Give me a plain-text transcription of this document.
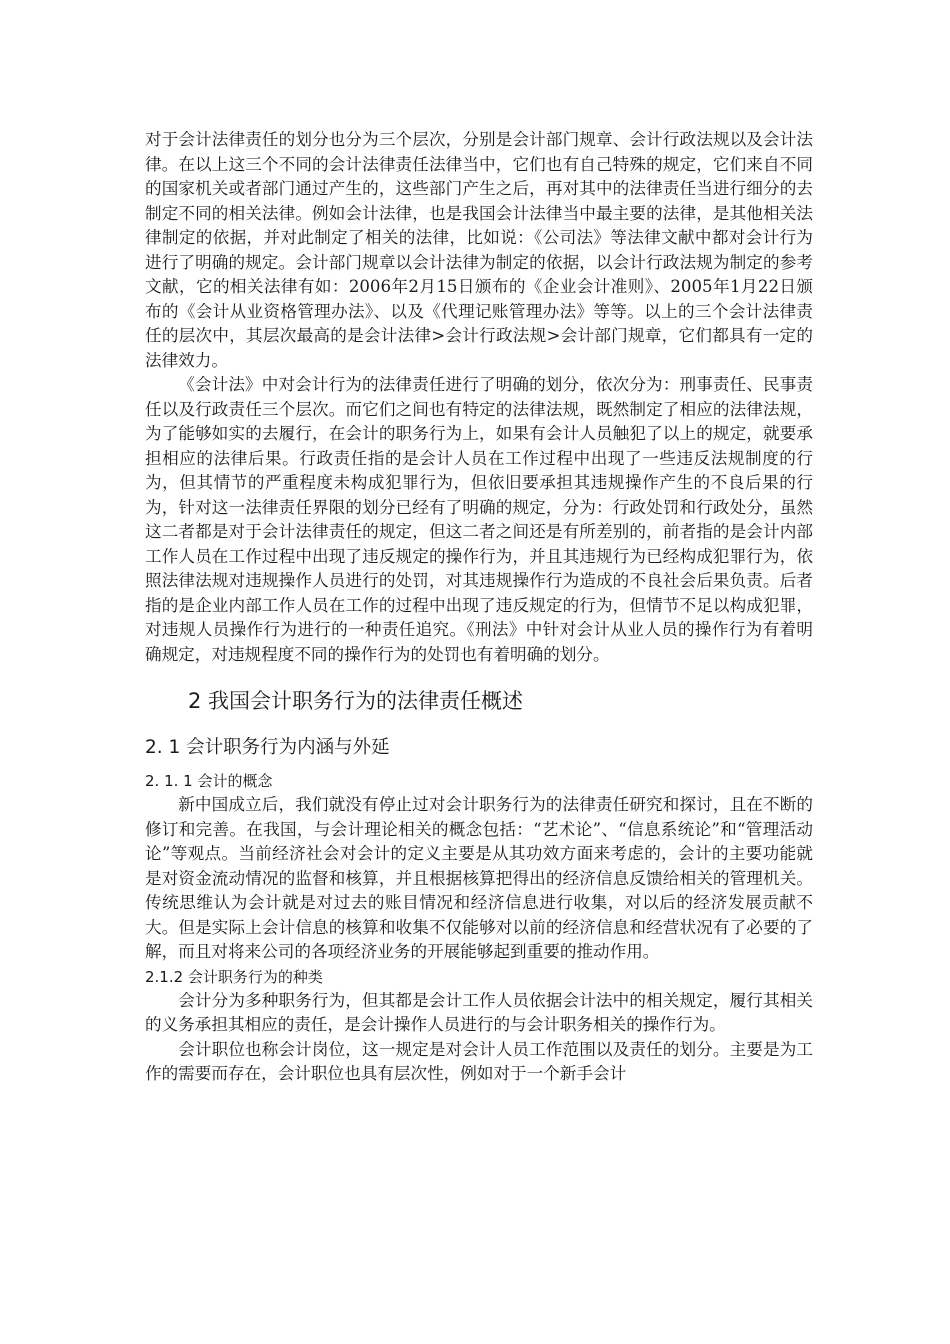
对于会计法律责任的划分也分为三个层次，分别是会计部门规章、会计行政法规以及会计法律。在以上这三个不同的会计法律责任法律当中，它们也有自己特殊的规定，它们来自不同的国家机关或者部门通过产生的，这些部门产生之后，再对其中的法律责任当进行细分的去制定不同的相关法律。例如会计法律，也是我国会计法律当中最主要的法律，是其他相关法律制定的依据，并对此制定了相关的法律，比如说：《公司法》等法律文献中都对会计行为进行了明确的规定。会计部门规章以会计法律为制定的依据，以会计行政法规为制定的参考文献，它的相关法律有如：2006年2月15日颁布的《企业会计准则》、2005年1月22日颁布的《会计从业资格管理办法》、以及《代理记账管理办法》等等。以上的三个会计法律责任的层次中，其层次最高的是会计法律>会计行政法规>会计部门规章，它们都具有一定的法律效力。

《会计法》中对会计行为的法律责任进行了明确的划分，依次分为：刑事责任、民事责任以及行政责任三个层次。而它们之间也有特定的法律法规，既然制定了相应的法律法规，为了能够如实的去履行，在会计的职务行为上，如果有会计人员触犯了以上的规定，就要承担相应的法律后果。行政责任指的是会计人员在工作过程中出现了一些违反法规制度的行为，但其情节的严重程度未构成犯罪行为，但依旧要承担其违规操作产生的不良后果的行为，针对这一法律责任界限的划分已经有了明确的规定，分为：行政处罚和行政处分，虽然这二者都是对于会计法律责任的规定，但这二者之间还是有所差别的，前者指的是会计内部工作人员在工作过程中出现了违反规定的操作行为，并且其违规行为已经构成犯罪行为，依照法律法规对违规操作人员进行的处罚，对其违规操作行为造成的不良社会后果负责。后者指的是企业内部工作人员在工作的过程中出现了违反规定的行为，但情节不足以构成犯罪，对违规人员操作行为进行的一种责任追究。《刑法》中针对会计从业人员的操作行为有着明确规定，对违规程度不同的操作行为的处罚也有着明确的划分。

2 我国会计职务行为的法律责任概述
2. 1 会计职务行为内涵与外延
2. 1. 1 会计的概念

新中国成立后，我们就没有停止过对会计职务行为的法律责任研究和探讨，且在不断的修订和完善。在我国，与会计理论相关的概念包括：“艺术论”、“信息系统论”和“管理活动论”等观点。当前经济社会对会计的定义主要是从其功效方面来考虑的，会计的主要功能就是对资金流动情况的监督和核算，并且根据核算把得出的经济信息反馈给相关的管理机关。传统思维认为会计就是对过去的账目情况和经济信息进行收集，对以后的经济发展贡献不大。但是实际上会计信息的核算和收集不仅能够对以前的经济信息和经营状况有了必要的了解，而且对将来公司的各项经济业务的开展能够起到重要的推动作用。

2.1.2 会计职务行为的种类

会计分为多种职务行为，但其都是会计工作人员依据会计法中的相关规定，履行其相关的义务承担其相应的责任，是会计操作人员进行的与会计职务相关的操作行为。

会计职位也称会计岗位，这一规定是对会计人员工作范围以及责任的划分。主要是为工作的需要而存在，会计职位也具有层次性，例如对于一个新手会计
